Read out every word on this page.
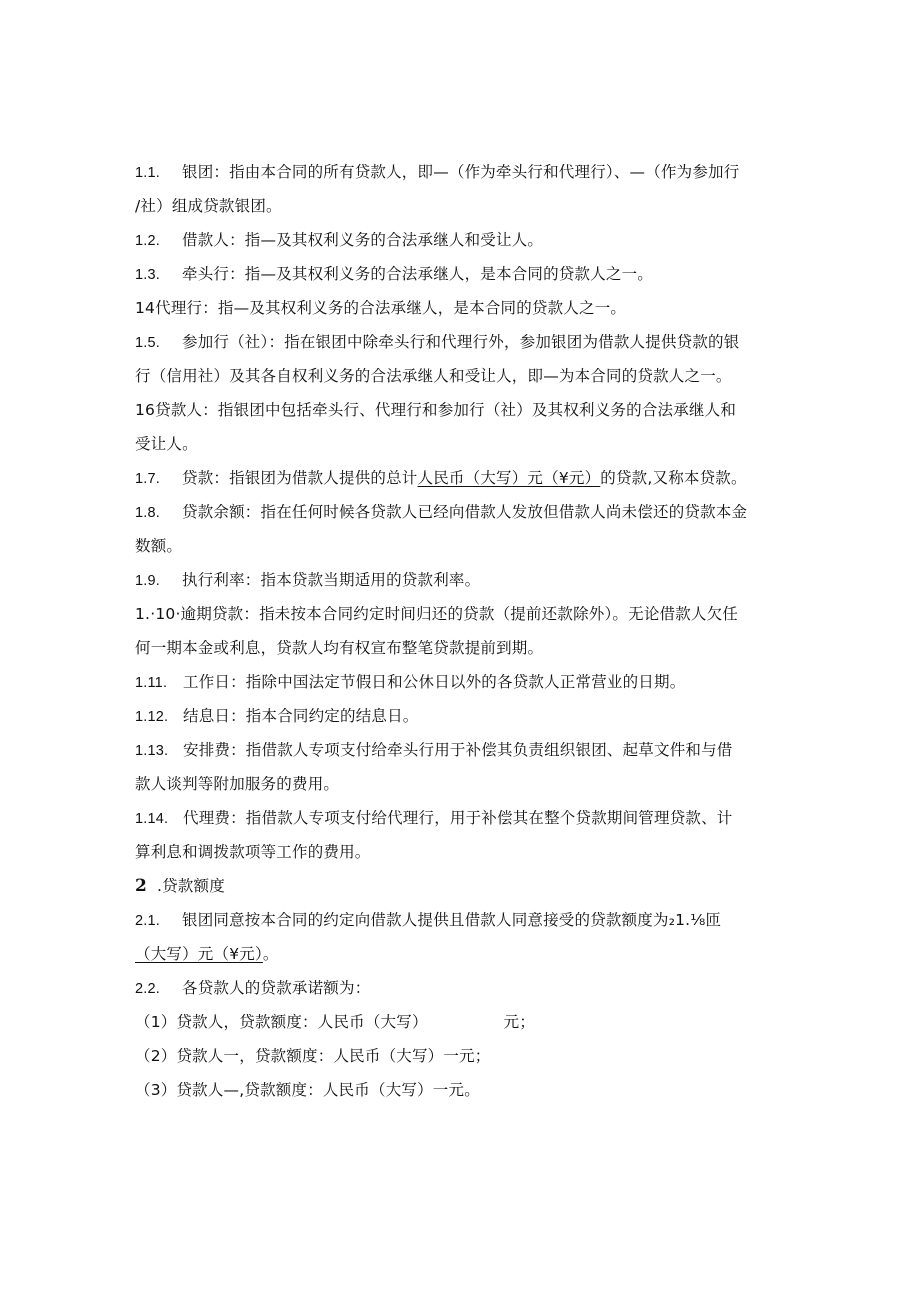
1.1. 银团：指由本合同的所有贷款人，即—（作为牵头行和代理行）、—（作为参加行
/社）组成贷款银团。
1.2. 借款人：指—及其权利义务的合法承继人和受让人。
1.3. 牵头行：指—及其权利义务的合法承继人，是本合同的贷款人之一。
14代理行：指—及其权利义务的合法承继人，是本合同的贷款人之一。
1.5. 参加行（社）：指在银团中除牵头行和代理行外，参加银团为借款人提供贷款的银
行（信用社）及其各自权利义务的合法承继人和受让人，即—为本合同的贷款人之一。
16贷款人：指银团中包括牵头行、代理行和参加行（社）及其权利义务的合法承继人和
受让人。
1.7. 贷款：指银团为借款人提供的总计人民币（大写）元（¥元）的贷款,又称本贷款。
1.8. 贷款余额：指在任何时候各贷款人已经向借款人发放但借款人尚未偿还的贷款本金
数额。
1.9. 执行利率：指本贷款当期适用的贷款利率。
1.·10·逾期贷款：指未按本合同约定时间归还的贷款（提前还款除外）。无论借款人欠任
何一期本金或利息，贷款人均有权宣布整笔贷款提前到期。
1.11. 工作日：指除中国法定节假日和公休日以外的各贷款人正常营业的日期。
1.12. 结息日：指本合同约定的结息日。
1.13. 安排费：指借款人专项支付给牵头行用于补偿其负责组织银团、起草文件和与借
款人谈判等附加服务的费用。
1.14. 代理费：指借款人专项支付给代理行，用于补偿其在整个贷款期间管理贷款、计
算利息和调拨款项等工作的费用。
2 .贷款额度
2.1. 银团同意按本合同的约定向借款人提供且借款人同意接受的贷款额度为₂1.⅛匝
（大写）元（¥元）。
2.2. 各贷款人的贷款承诺额为：
（1）贷款人，贷款额度：人民币（大写）	元；
（2）贷款人一，贷款额度：人民币（大写）一元；
（3）贷款人—,贷款额度：人民币（大写）一元。
